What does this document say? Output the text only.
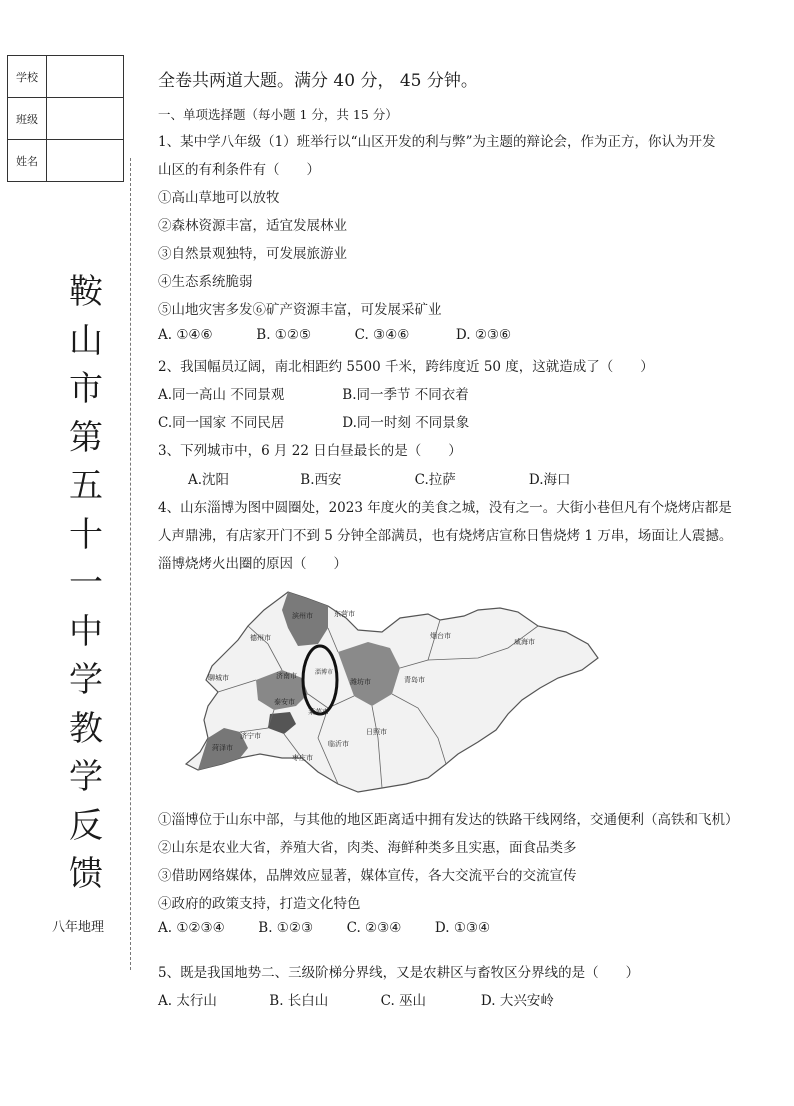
学校	
班级	
姓名	
鞍
山
市
第
五
十
一
中
学
教
学
反
馈
八年地理
全卷共两道大题。满分 40 分， 45 分钟。
一、单项选择题（每小题 1 分，共 15 分）
1、某中学八年级（1）班举行以“山区开发的利与弊”为主题的辩论会，作为正方，你认为开发
山区的有利条件有（　　）
①高山草地可以放牧
②森林资源丰富，适宜发展林业
③自然景观独特，可发展旅游业
④生态系统脆弱
⑤山地灾害多发⑥矿产资源丰富，可发展采矿业
A. ①④⑥	B. ①②⑤	C. ③④⑥	D. ②③⑥
2、我国幅员辽阔，南北相距约 5500 千米，跨纬度近 50 度，这就造成了（　　）
A.同一高山 不同景观	B.同一季节 不同衣着
C.同一国家 不同民居	D.同一时刻 不同景象
3、下列城市中，6 月 22 日白昼最长的是（　　）
A.沈阳	B.西安	C.拉萨	D.海口
4、山东淄博为图中圆圈处，2023 年度火的美食之城，没有之一。大街小巷但凡有个烧烤店都是
人声鼎沸，有店家开门不到 5 分钟全部满员，也有烧烤店宣称日售烧烤 1 万串，场面让人震撼。
淄博烧烤火出圈的原因（　　）
德州市
聊城市	济南市	淄博市
东营市
滨州市
泰安市
潍坊市
烟台市
威海市
青岛市
济宁市
菏泽市
枣庄市
临沂市
日照市
莱芜市
①淄博位于山东中部，与其他的地区距离适中拥有发达的铁路干线网络，交通便利（高铁和飞机）
②山东是农业大省，养殖大省，肉类、海鲜种类多且实惠，面食品类多
③借助网络媒体，品牌效应显著，媒体宣传，各大交流平台的交流宣传
④政府的政策支持，打造文化特色
A. ①②③④ B. ①②③ C. ②③④ D. ①③④
5、既是我国地势二、三级阶梯分界线，又是农耕区与畜牧区分界线的是（　　）
A. 太行山	B. 长白山	C. 巫山	D. 大兴安岭
